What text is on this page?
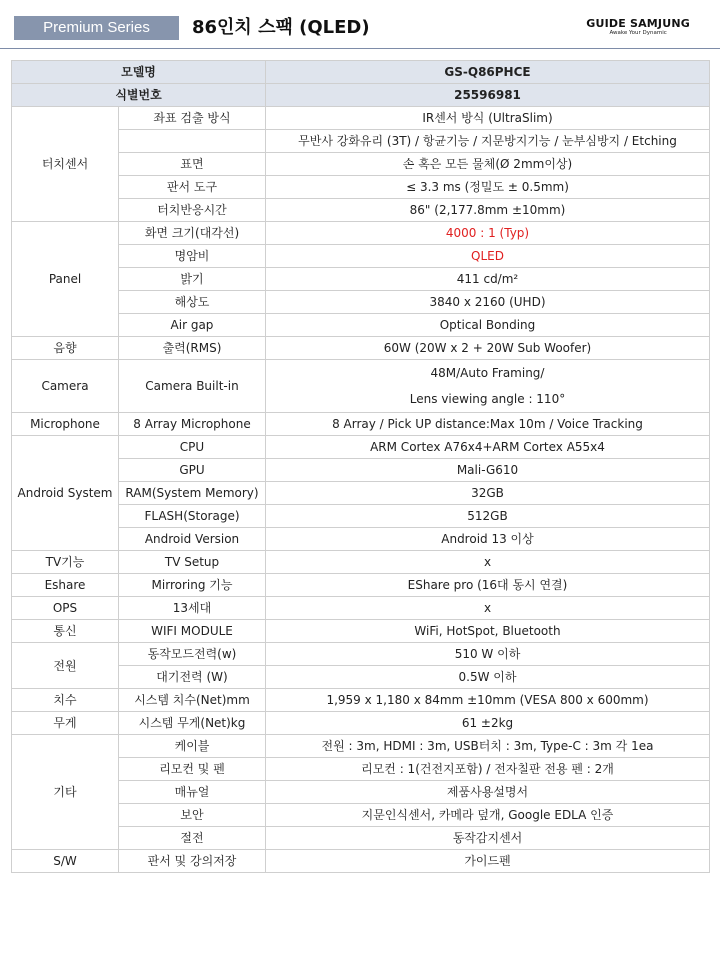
Premium Series	86인치 스팩 (QLED)	GUIDE SAMJUNG
Awake Your Dynamic
모델명		GS-Q86PHCE
식별번호		25596981
터치센서	좌표 검출 방식	IR센서 방식 (UltraSlim)
		무반사 강화유리 (3T) / 항균기능 / 지문방지기능 / 눈부심방지 / Etching
	표면	손 혹은 모든 물체(Ø 2mm이상)
	판서 도구	≤ 3.3 ms (정밀도 ± 0.5mm)
	터치반응시간	86" (2,177.8mm ±10mm)
Panel	화면 크기(대각선)	4000 : 1 (Typ)
	명암비	QLED
	밝기	411 cd/m²
	해상도	3840 x 2160 (UHD)
	Air gap	Optical Bonding
음향	출력(RMS)	60W (20W x 2 + 20W Sub Woofer)
Camera	Camera Built-in	48M/Auto Framing/
Lens viewing angle : 110°

Microphone	8 Array Microphone	8 Array / Pick UP distance:Max 10m / Voice Tracking
Android System	CPU	ARM Cortex A76x4+ARM Cortex A55x4
	GPU	Mali-G610
	RAM(System Memory)	32GB
	FLASH(Storage)	512GB
	Android Version	Android 13 이상
TV기능	TV Setup	x
Eshare	Mirroring 기능	EShare pro (16대 동시 연결)
OPS	13세대	x
통신	WIFI MODULE	WiFi, HotSpot, Bluetooth
전원	동작모드전력(w)	510 W 이하
	대기전력 (W)	0.5W 이하
치수	시스템 치수(Net)mm	1,959 x 1,180 x 84mm ±10mm (VESA 800 x 600mm)
무게	시스템 무게(Net)kg	61 ±2kg
기타	케이블	전원 : 3m, HDMI : 3m, USB터치 : 3m, Type-C : 3m 각 1ea
	리모컨 및 펜	리모컨 : 1(건전지포함) / 전자칠판 전용 펜 : 2개
	매뉴얼	제품사용설명서
	보안	지문인식센서, 카메라 덮개, Google EDLA 인증
	절전	동작감지센서
S/W	판서 및 강의저장	가이드펜
